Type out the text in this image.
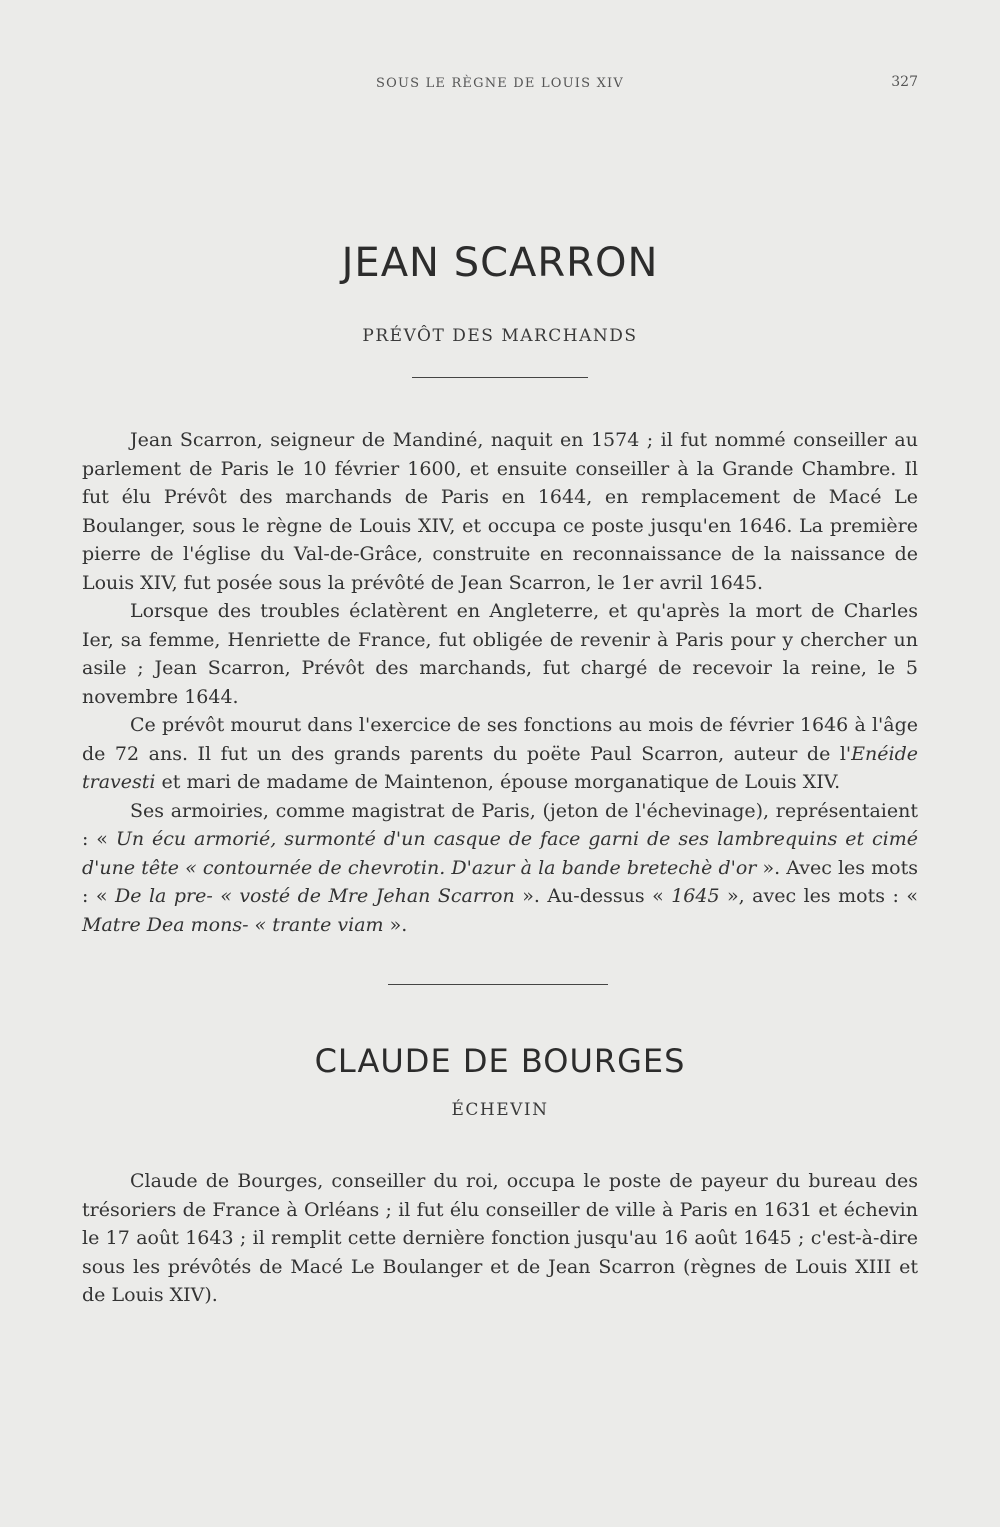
SOUS LE RÈGNE DE LOUIS XIV	327
JEAN SCARRON
PRÉVÔT DES MARCHANDS

Jean Scarron, seigneur de Mandiné, naquit en 1574 ; il fut nommé conseiller au parlement de Paris le 10 février 1600, et ensuite conseiller à la Grande Chambre. Il fut élu Prévôt des marchands de Paris en 1644, en remplacement de Macé Le Boulanger, sous le règne de Louis XIV, et occupa ce poste jusqu'en 1646. La première pierre de l'église du Val-de-Grâce, construite en reconnaissance de la naissance de Louis XIV, fut posée sous la prévôté de Jean Scarron, le 1er avril 1645.

Lorsque des troubles éclatèrent en Angleterre, et qu'après la mort de Charles Ier, sa femme, Henriette de France, fut obligée de revenir à Paris pour y chercher un asile ; Jean Scarron, Prévôt des marchands, fut chargé de recevoir la reine, le 5 novembre 1644.

Ce prévôt mourut dans l'exercice de ses fonctions au mois de février 1646 à l'âge de 72 ans. Il fut un des grands parents du poëte Paul Scarron, auteur de l'Enéide travesti et mari de madame de Maintenon, épouse morganatique de Louis XIV.

Ses armoiries, comme magistrat de Paris, (jeton de l'échevinage), représentaient : « Un écu armorié, surmonté d'un casque de face garni de ses lambrequins et cimé d'une tête « contournée de chevrotin. D'azur à la bande bretechè d'or ». Avec les mots : « De la pre- « vosté de Mre Jehan Scarron ». Au-dessus « 1645 », avec les mots : « Matre Dea mons- « trante viam ».

CLAUDE DE BOURGES
ÉCHEVIN

Claude de Bourges, conseiller du roi, occupa le poste de payeur du bureau des trésoriers de France à Orléans ; il fut élu conseiller de ville à Paris en 1631 et échevin le 17 août 1643 ; il remplit cette dernière fonction jusqu'au 16 août 1645 ; c'est-à-dire sous les prévôtés de Macé Le Boulanger et de Jean Scarron (règnes de Louis XIII et de Louis XIV).
